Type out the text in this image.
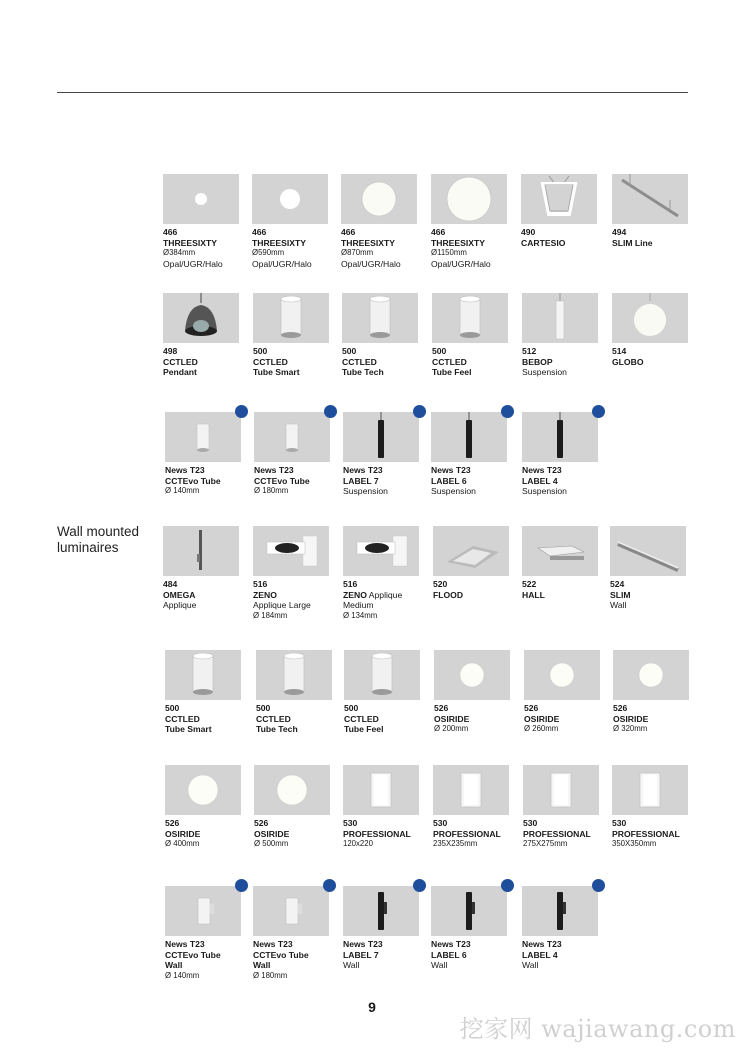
Wall mounted luminaires
466
THREESIXTY
Ø384mm
Opal/UGR/Halo
466
THREESIXTY
Ø590mm
Opal/UGR/Halo
466
THREESIXTY
Ø870mm
Opal/UGR/Halo
466
THREESIXTY
Ø1150mm
Opal/UGR/Halo
490
CARTESIO
494
SLIM Line
498
CCTLED
Pendant
500
CCTLED
Tube Smart
500
CCTLED
Tube Tech
500
CCTLED
Tube Feel
512
BEBOP
Suspension
514
GLOBO
News T23
CCTEvo Tube
Ø 140mm
News T23
CCTEvo Tube
Ø 180mm
News T23
LABEL 7
Suspension
News T23
LABEL 6
Suspension
News T23
LABEL 4
Suspension
484
OMEGA
Applique
516
ZENO
Applique Large
Ø 184mm
516
ZENO Applique
Medium
Ø 134mm
520
FLOOD
522
HALL
524
SLIM
Wall
500
CCTLED
Tube Smart
500
CCTLED
Tube Tech
500
CCTLED
Tube Feel
526
OSIRIDE
Ø 200mm
526
OSIRIDE
Ø 260mm
526
OSIRIDE
Ø 320mm
526
OSIRIDE
Ø 400mm
526
OSIRIDE
Ø 500mm
530
PROFESSIONAL
120x220
530
PROFESSIONAL
235X235mm
530
PROFESSIONAL
275X275mm
530
PROFESSIONAL
350X350mm
News T23
CCTEvo Tube
Wall
Ø 140mm
News T23
CCTEvo Tube
Wall
Ø 180mm
News T23
LABEL 7
Wall
News T23
LABEL 6
Wall
News T23
LABEL 4
Wall
9
挖家网 wajiawang.com
